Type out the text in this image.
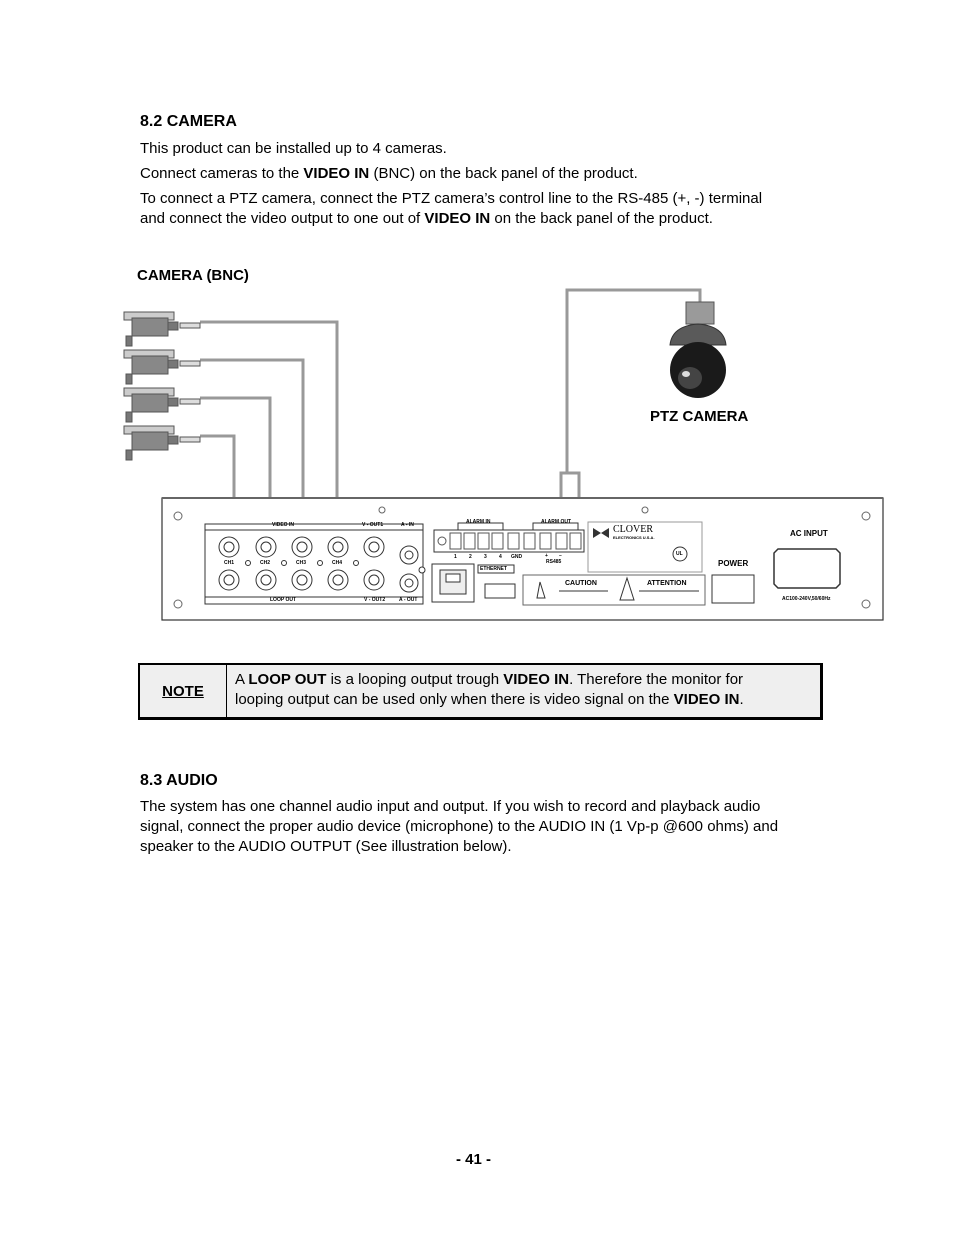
8.2 CAMERA
This product can be installed up to 4 cameras.
Connect cameras to the VIDEO IN (BNC) on the back panel of the product.
To connect a PTZ camera, connect the PTZ camera’s control line to the RS-485 (+, -) terminal
and connect the video output to one out of VIDEO IN on the back panel of the product.
CAMERA (BNC)
PTZ CAMERA
VIDEO IN	V - OUT1	A - IN
CH1	CH2	CH3	CH4
LOOP OUT	V - OUT2	A - OUT
ALARM IN	ALARM OUT
1 2 3 4 GND	+ −
RS485
ETHERNET
CLOVER
ELECTRONICS U.S.A.
UL
CAUTION	ATTENTION
POWER
AC INPUT
AC100-240V,50/60Hz
NOTE
A LOOP OUT is a looping output trough VIDEO IN. Therefore the monitor for
looping output can be used only when there is video signal on the VIDEO IN.
8.3 AUDIO
The system has one channel audio input and output. If you wish to record and playback audio
signal, connect the proper audio device (microphone) to the AUDIO IN (1 Vp-p @600 ohms) and
speaker to the AUDIO OUTPUT (See illustration below).
- 41 -
